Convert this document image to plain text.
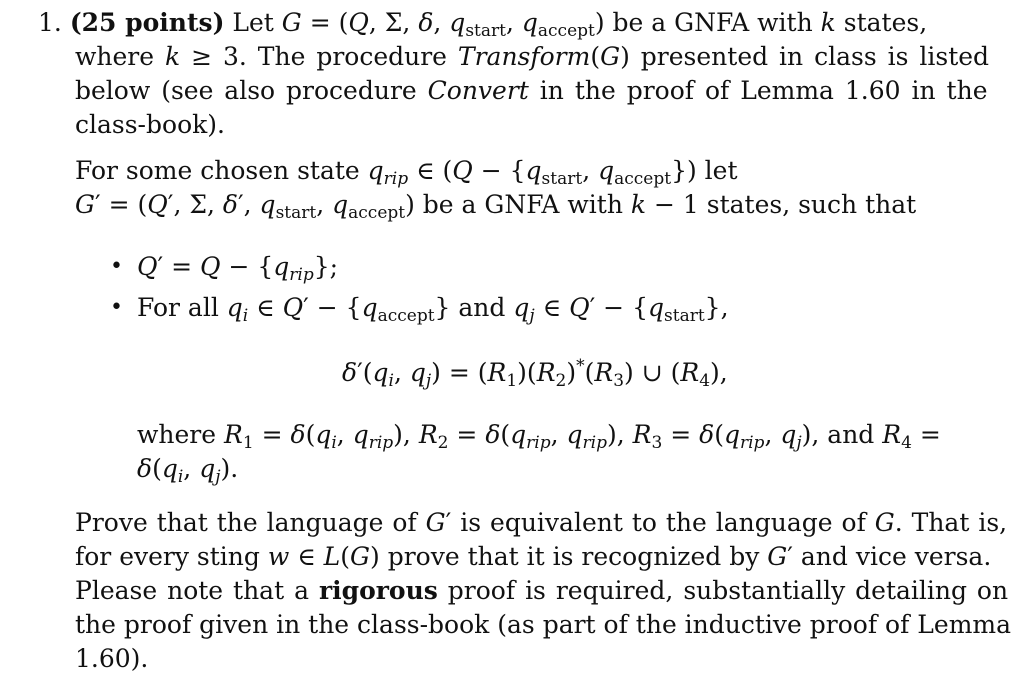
1. (25 points) Let G = (Q, Σ, δ, $q_{start}$, $q_{accept}$) be a GNFA with k states,
where k ≥ 3. The procedure Transform(G) presented in class is listed
below (see also procedure Convert in the proof of Lemma 1.60 in the
class-book).
For some chosen state $q_{rip}$ ∈ ($Q - \{q_{start}$, $q_{accept}$}) let
G′ = (Q′, Σ, δ′, $q_{start}$, $q_{accept}$) be a GNFA with k − 1 states, such that
• $Q' = Q - \{q_{rip}\}$;
• For all $q_i$ ∈ $Q' - \{q_{accept}\}$ and $q_j$ ∈ $Q' - \{q_{start}\}$,
$\delta'(q_i$, $q_j) = (R_1)(R_2)^*(R_3)$ ∪ $(R_4)$,
where $R_1 = \delta(q_i$, $q_{rip}$), $R_2 = \delta(q_{rip}$, $q_{rip}$), $R_3 = \delta(q_{rip}$, $q_j$), and $R_4$ =
$\delta(q_i$, $q_j$).
Prove that the language of G′ is equivalent to the language of G. That is,
for every sting w ∈ L(G) prove that it is recognized by G′ and vice versa.
Please note that a rigorous proof is required, substantially detailing on
the proof given in the class-book (as part of the inductive proof of Lemma
1.60).
